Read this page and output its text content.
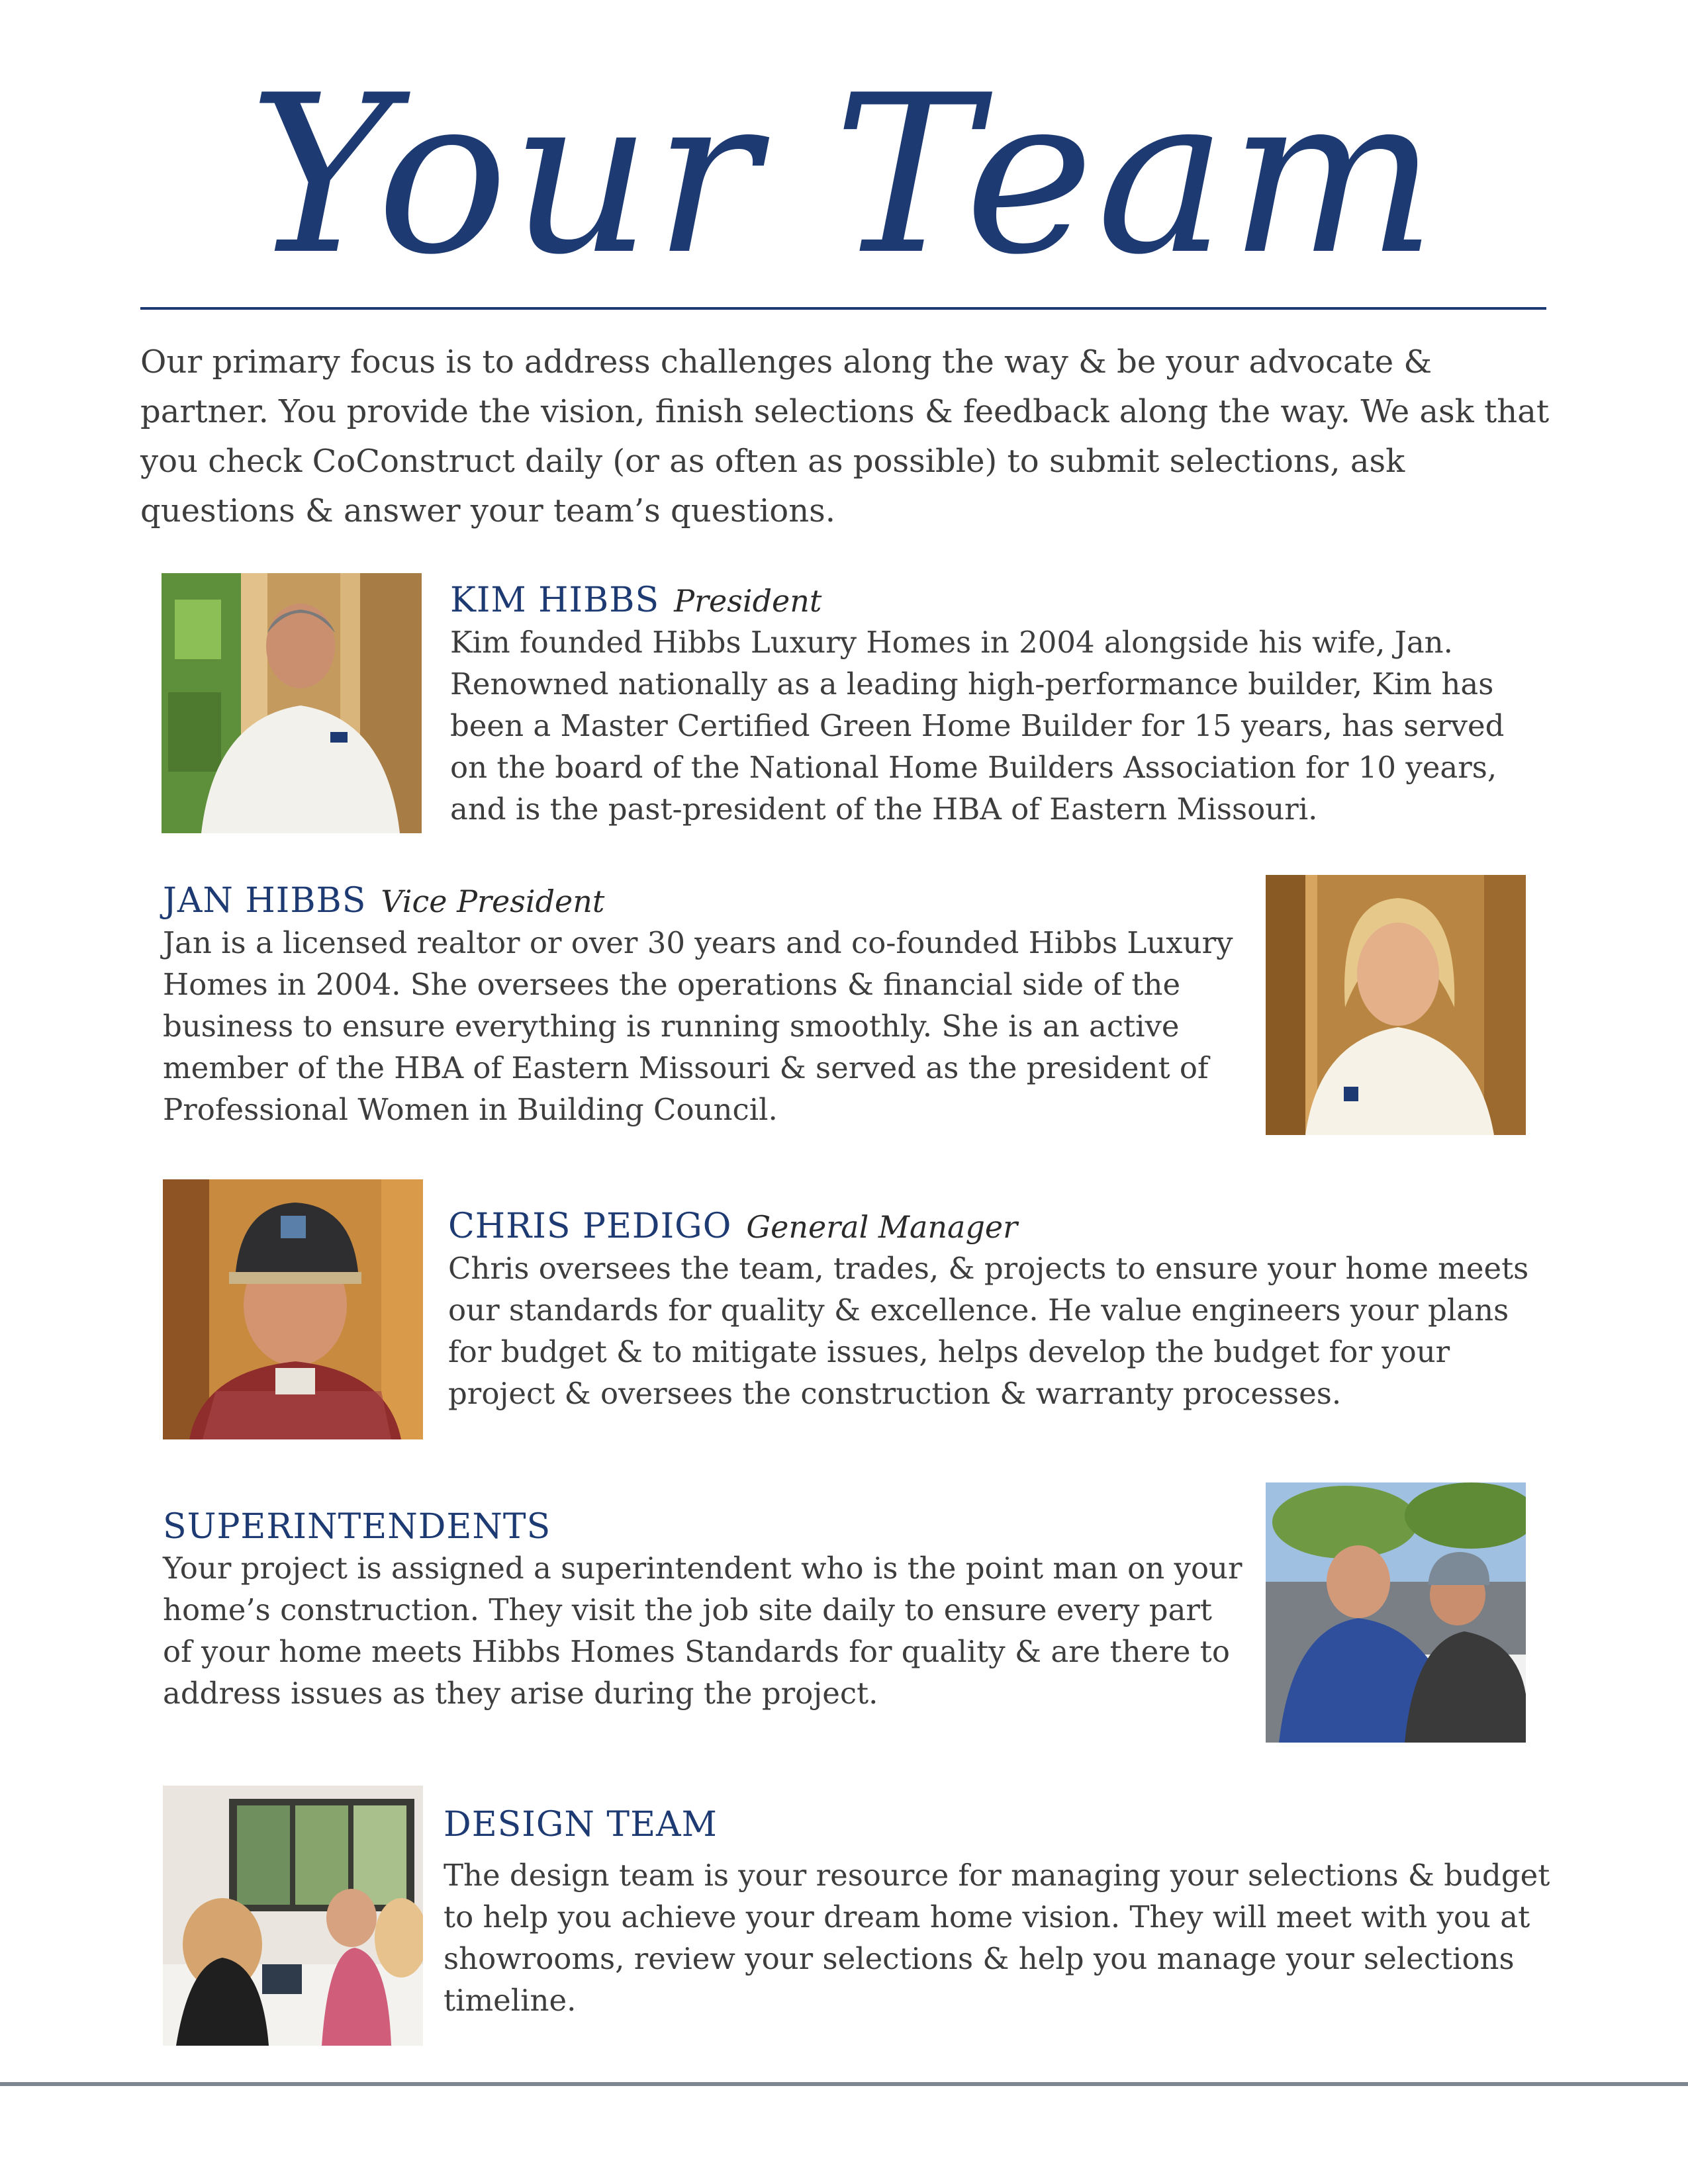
Your Team
Our primary focus is to address challenges along the way & be your advocate & partner. You provide the vision, finish selections & feedback along the way. We ask that you check CoConstruct daily (or as often as possible) to submit selections, ask questions & answer your team’s questions.
KIM HIBBS President
Kim founded Hibbs Luxury Homes in 2004 alongside his wife, Jan. Renowned nationally as a leading high-performance builder, Kim has been a Master Certified Green Home Builder for 15 years, has served on the board of the National Home Builders Association for 10 years, and is the past-president of the HBA of Eastern Missouri.
JAN HIBBS Vice President
Jan is a licensed realtor or over 30 years and co-founded Hibbs Luxury Homes in 2004. She oversees the operations & financial side of the business to ensure everything is running smoothly. She is an active member of the HBA of Eastern Missouri & served as the president of Professional Women in Building Council.
CHRIS PEDIGO General Manager
Chris oversees the team, trades, & projects to ensure your home meets our standards for quality & excellence. He value engineers your plans for budget & to mitigate issues, helps develop the budget for your project & oversees the construction & warranty processes.
SUPERINTENDENTS
Your project is assigned a superintendent who is the point man on your home’s construction. They visit the job site daily to ensure every part of your home meets Hibbs Homes Standards for quality & are there to address issues as they arise during the project.
DESIGN TEAM
The design team is your resource for managing your selections & budget to help you achieve your dream home vision. They will meet with you at showrooms, review your selections & help you manage your selections timeline.
